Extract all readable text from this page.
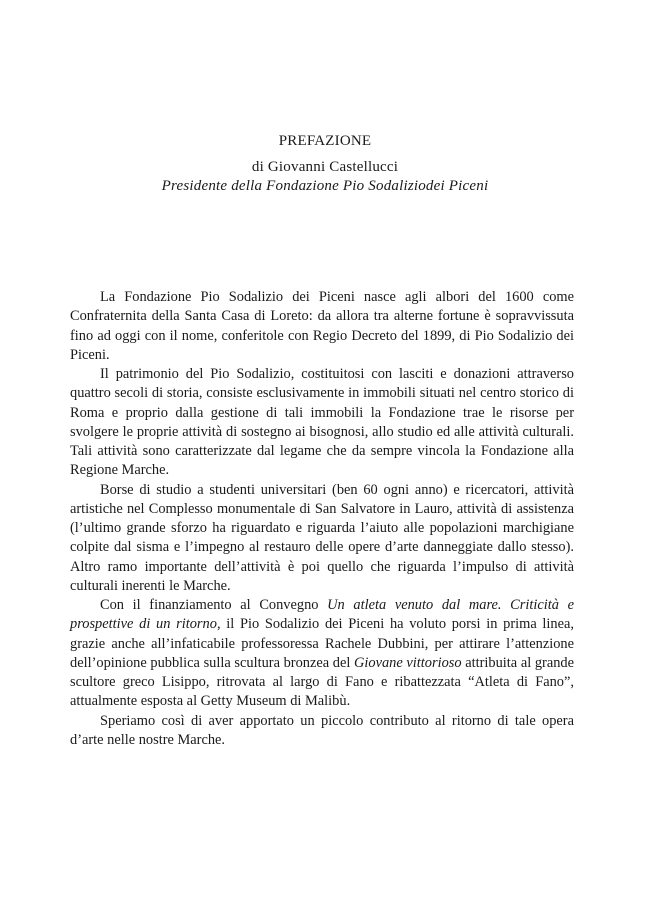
PREFAZIONE
di Giovanni Castellucci
Presidente della Fondazione Pio Sodaliziodei Piceni

La Fondazione Pio Sodalizio dei Piceni nasce agli albori del 1600 come Confraternita della Santa Casa di Loreto: da allora tra alterne fortune è sopravvissuta fino ad oggi con il nome, conferitole con Regio Decreto del 1899, di Pio Sodalizio dei Piceni.

Il patrimonio del Pio Sodalizio, costituitosi con lasciti e donazioni attraverso quattro secoli di storia, consiste esclusivamente in immobili situati nel centro storico di Roma e proprio dalla gestione di tali immobili la Fondazione trae le risorse per svolgere le proprie attività di sostegno ai bisognosi, allo studio ed alle attività culturali. Tali attività sono caratterizzate dal legame che da sempre vincola la Fondazione alla Regione Marche.

Borse di studio a studenti universitari (ben 60 ogni anno) e ricercatori, attività artistiche nel Complesso monumentale di San Salvatore in Lauro, attività di assistenza (l’ultimo grande sforzo ha riguardato e riguarda l’aiuto alle popolazioni marchigiane colpite dal sisma e l’impegno al restauro delle opere d’arte danneggiate dallo stesso). Altro ramo importante dell’attività è poi quello che riguarda l’impulso di attività culturali inerenti le Marche.

Con il finanziamento al Convegno Un atleta venuto dal mare. Criticità e prospettive di un ritorno, il Pio Sodalizio dei Piceni ha voluto porsi in prima linea, grazie anche all’infaticabile professoressa Rachele Dubbini, per attirare l’attenzione dell’opinione pubblica sulla scultura bronzea del Giovane vittorioso attribuita al grande scultore greco Lisippo, ritrovata al largo di Fano e ribattezzata “Atleta di Fano”, attualmente esposta al Getty Museum di Malibù.

Speriamo così di aver apportato un piccolo contributo al ritorno di tale opera d’arte nelle nostre Marche.
